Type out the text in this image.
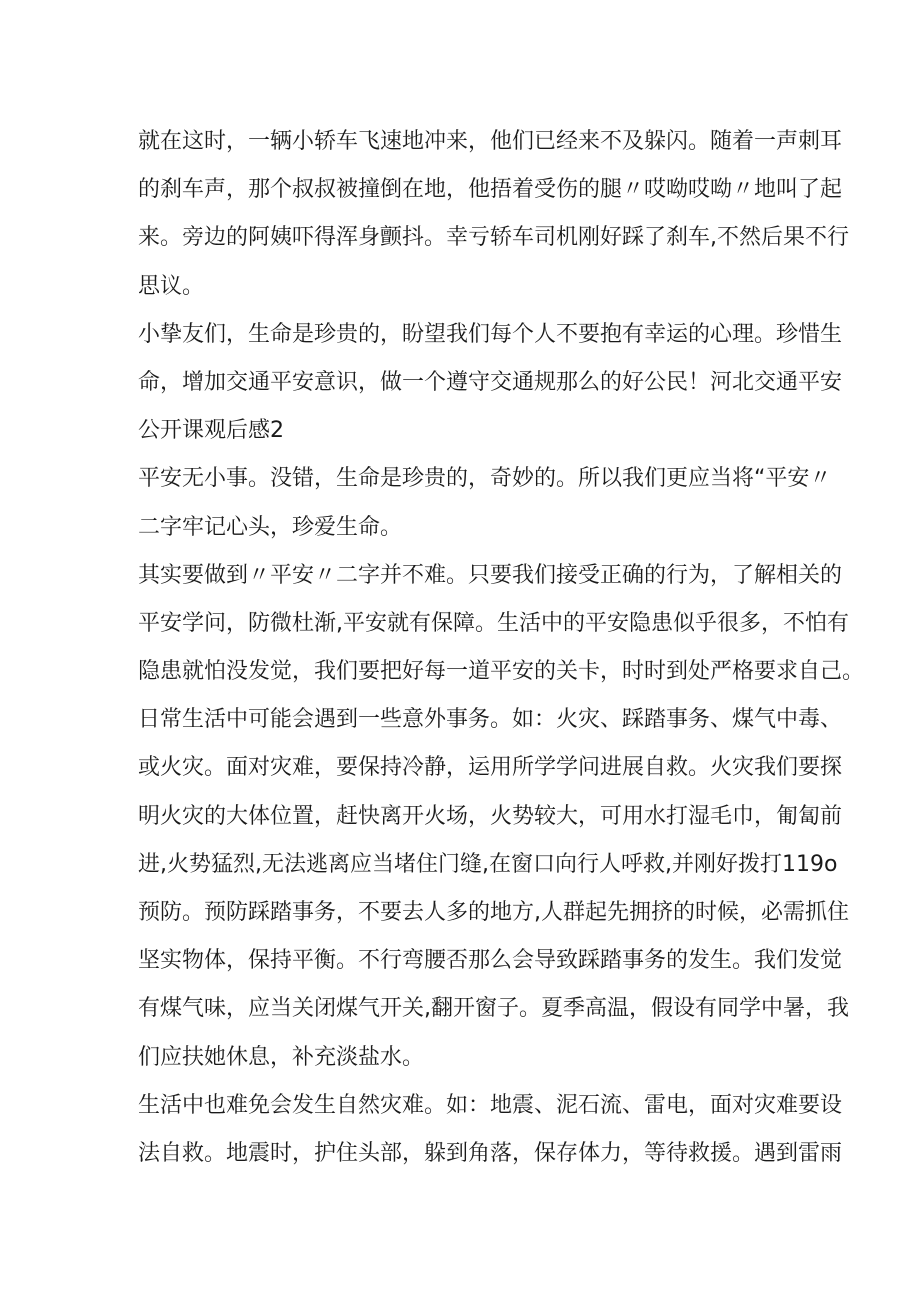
就在这时，一辆小轿车飞速地冲来，他们已经来不及躲闪。随着一声刺耳
的刹车声，那个叔叔被撞倒在地，他捂着受伤的腿〃哎呦哎呦〃地叫了起
来。旁边的阿姨吓得浑身颤抖。幸亏轿车司机刚好踩了刹车,不然后果不行
思议。
小挚友们，生命是珍贵的，盼望我们每个人不要抱有幸运的心理。珍惜生
命，增加交通平安意识，做一个遵守交通规那么的好公民！河北交通平安
公开课观后感2
平安无小事。没错，生命是珍贵的，奇妙的。所以我们更应当将“平安〃
二字牢记心头，珍爱生命。
其实要做到〃平安〃二字并不难。只要我们接受正确的行为，了解相关的
平安学问，防微杜渐,平安就有保障。生活中的平安隐患似乎很多，不怕有
隐患就怕没发觉，我们要把好每一道平安的关卡，时时到处严格要求自己。
日常生活中可能会遇到一些意外事务。如：火灾、踩踏事务、煤气中毒、
或火灾。面对灾难，要保持冷静，运用所学学问进展自救。火灾我们要探
明火灾的大体位置，赶快离开火场，火势较大，可用水打湿毛巾，匍匐前
进,火势猛烈,无法逃离应当堵住门缝,在窗口向行人呼救,并刚好拨打119o
预防。预防踩踏事务，不要去人多的地方,人群起先拥挤的时候，必需抓住
坚实物体，保持平衡。不行弯腰否那么会导致踩踏事务的发生。我们发觉
有煤气味，应当关闭煤气开关,翻开窗子。夏季高温，假设有同学中暑，我
们应扶她休息，补充淡盐水。
生活中也难免会发生自然灾难。如：地震、泥石流、雷电，面对灾难要设
法自救。地震时，护住头部，躲到角落，保存体力，等待救援。遇到雷雨
